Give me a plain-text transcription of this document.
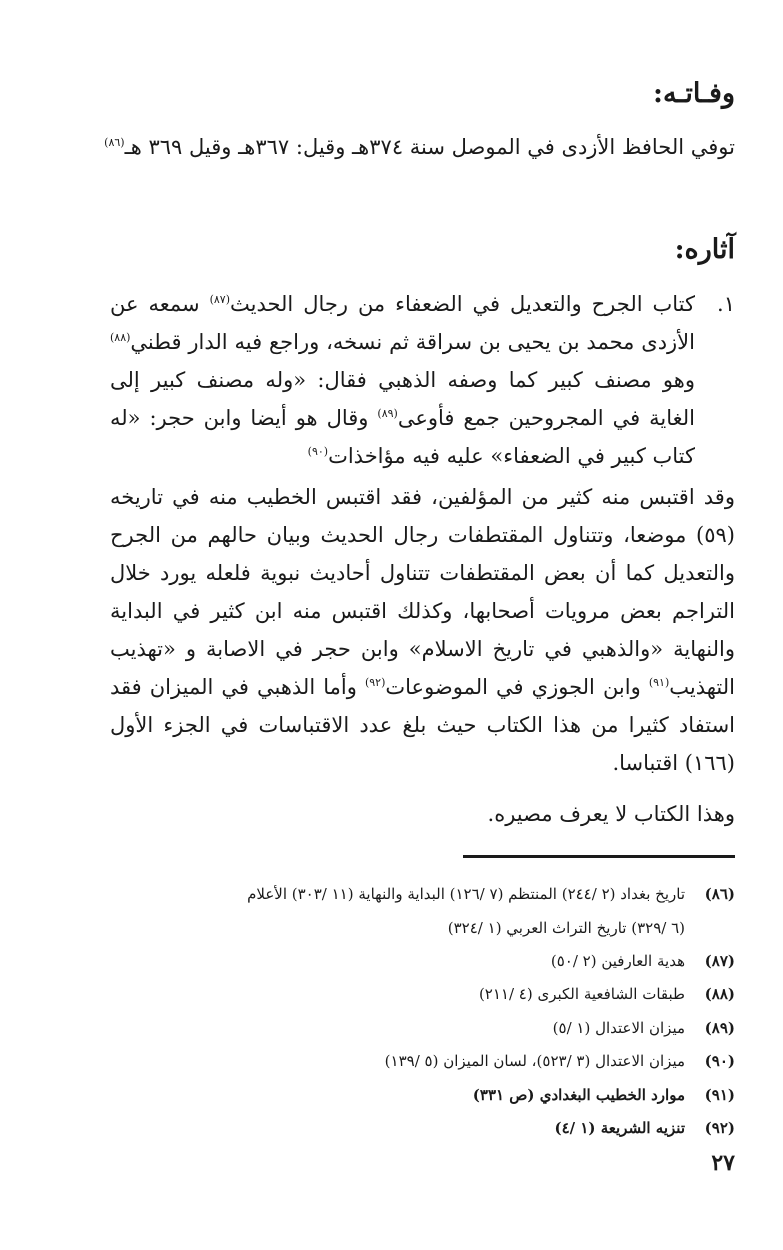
وفـاتـه:

توفي الحافظ الأزدى في الموصل سنة ٣٧٤هـ وقيل: ٣٦٧هـ وقيل ٣٦٩ هـ$^{(٨٦)}$

آثاره:
١.

كتاب الجرح والتعديل في الضعفاء من رجال الحديث$^{(٨٧)}$ سمعه عن الأزدى محمد بن يحيى بن سراقة ثم نسخه، وراجع فيه الدار قطني$^{(٨٨)}$ وهو مصنف كبير كما وصفه الذهبي فقال: «وله مصنف كبير إلى الغاية في المجروحين جمع فأوعى$^{(٨٩)}$ وقال هو أيضا وابن حجر: «له كتاب كبير في الضعفاء» عليه فيه مؤاخذات$^{(٩٠)}$

وقد اقتبس منه كثير من المؤلفين، فقد اقتبس الخطيب منه في تاريخه (٥٩) موضعا، وتتناول المقتطفات رجال الحديث وبيان حالهم من الجرح والتعديل كما أن بعض المقتطفات تتناول أحاديث نبوية فلعله يورد خلال التراجم بعض مرويات أصحابها، وكذلك اقتبس منه ابن كثير في البداية والنهاية «والذهبي في تاريخ الاسلام» وابن حجر في الاصابة و «تهذيب التهذيب$^{(٩١)}$ وابن الجوزي في الموضوعات$^{(٩٢)}$ وأما الذهبي في الميزان فقد استفاد كثيرا من هذا الكتاب حيث بلغ عدد الاقتباسات في الجزء الأول (١٦٦) اقتباسا.

وهذا الكتاب لا يعرف مصيره.

(٨٦)
تاريخ بغداد (٢ /٢٤٤) المنتظم (٧ /١٢٦) البداية والنهاية (١١ /٣٠٣) الأعلام
(٦ /٣٢٩) تاريخ التراث العربي (١ /٣٢٤)
(٨٧)
هدية العارفين (٢ /٥٠)
(٨٨)
طبقات الشافعية الكبرى (٤ /٢١١)
(٨٩)
ميزان الاعتدال (١ /٥)
(٩٠)
ميزان الاعتدال (٣ /٥٢٣)، لسان الميزان (٥ /١٣٩)
(٩١)
موارد الخطيب البغدادي (ص ٣٣١)
(٩٢)
تنزيه الشريعة (١ /٤)
٢٧
